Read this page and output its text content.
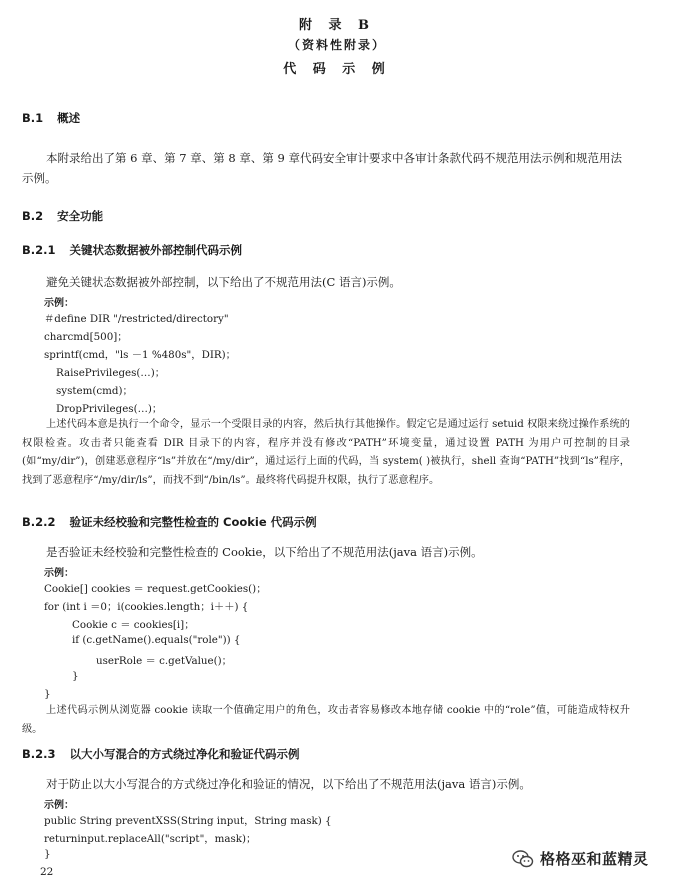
附 录 B
（资料性附录）
代 码 示 例
B.1 概述
本附录给出了第 6 章、第 7 章、第 8 章、第 9 章代码安全审计要求中各审计条款代码不规范用法示例和规范用法示例。
B.2 安全功能
B.2.1 关键状态数据被外部控制代码示例
避免关键状态数据被外部控制，以下给出了不规范用法(C 语言)示例。
示例：
＃define DIR "/restricted/directory"
charcmd[500]；
sprintf(cmd，"ls －1 %480s"，DIR)；
RaisePrivileges(…)；
system(cmd)；
DropPrivileges(…)；
上述代码本意是执行一个命令，显示一个受限目录的内容，然后执行其他操作。假定它是通过运行 setuid 权限来绕过操作系统的权限检查。攻击者只能查看 DIR 目录下的内容，程序并没有修改“PATH”环境变量，通过设置 PATH 为用户可控制的目录(如“my/dir”)，创建恶意程序“ls”并放在“/my/dir”，通过运行上面的代码，当 system( )被执行，shell 查询“PATH”找到“ls”程序，找到了恶意程序“/my/dir/ls”，而找不到“/bin/ls”。最终将代码提升权限，执行了恶意程序。
B.2.2 验证未经校验和完整性检查的 Cookie 代码示例
是否验证未经校验和完整性检查的 Cookie，以下给出了不规范用法(java 语言)示例。
示例：
Cookie[] cookies ＝ request.getCookies()；
for (int i ＝0；i(cookies.length；i＋＋) {
Cookie c ＝ cookies[i]；
if (c.getName().equals("role")) {
userRole ＝ c.getValue()；
}
}
上述代码示例从浏览器 cookie 读取一个值确定用户的角色，攻击者容易修改本地存储 cookie 中的“role”值，可能造成特权升级。
B.2.3 以大小写混合的方式绕过净化和验证代码示例
对于防止以大小写混合的方式绕过净化和验证的情况，以下给出了不规范用法(java 语言)示例。
示例：
public String preventXSS(String input，String mask) {
returninput.replaceAll("script"，mask)；
}
22
格格巫和蓝精灵
